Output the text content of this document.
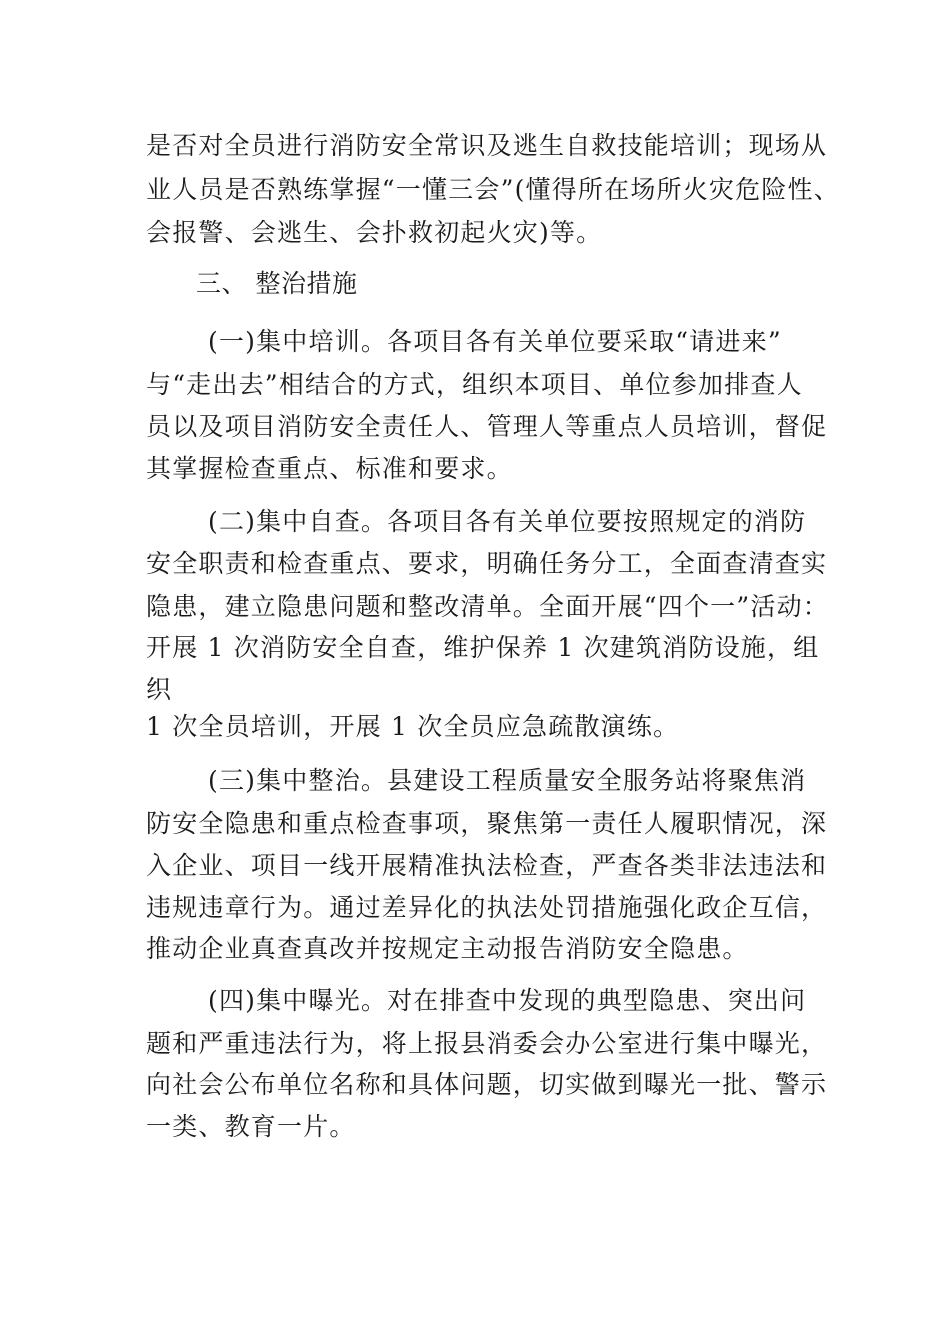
是否对全员进行消防安全常识及逃生自救技能培训；现场从
业人员是否熟练掌握“一懂三会”(懂得所在场所火灾危险性、
会报警、会逃生、会扑救初起火灾)等。
三、 整治措施
(一)集中培训。各项目各有关单位要采取“请进来”
与“走出去”相结合的方式，组织本项目、单位参加排查人
员以及项目消防安全责任人、管理人等重点人员培训，督促
其掌握检查重点、标准和要求。
(二)集中自查。各项目各有关单位要按照规定的消防
安全职责和检查重点、要求，明确任务分工，全面查清查实
隐患，建立隐患问题和整改清单。全面开展“四个一”活动：
开展 1 次消防安全自查，维护保养 1 次建筑消防设施，组
织
1 次全员培训，开展 1 次全员应急疏散演练。
(三)集中整治。县建设工程质量安全服务站将聚焦消
防安全隐患和重点检查事项，聚焦第一责任人履职情况，深
入企业、项目一线开展精准执法检查，严查各类非法违法和
违规违章行为。通过差异化的执法处罚措施强化政企互信，
推动企业真查真改并按规定主动报告消防安全隐患。
(四)集中曝光。对在排查中发现的典型隐患、突出问
题和严重违法行为，将上报县消委会办公室进行集中曝光，
向社会公布单位名称和具体问题，切实做到曝光一批、警示
一类、教育一片。
